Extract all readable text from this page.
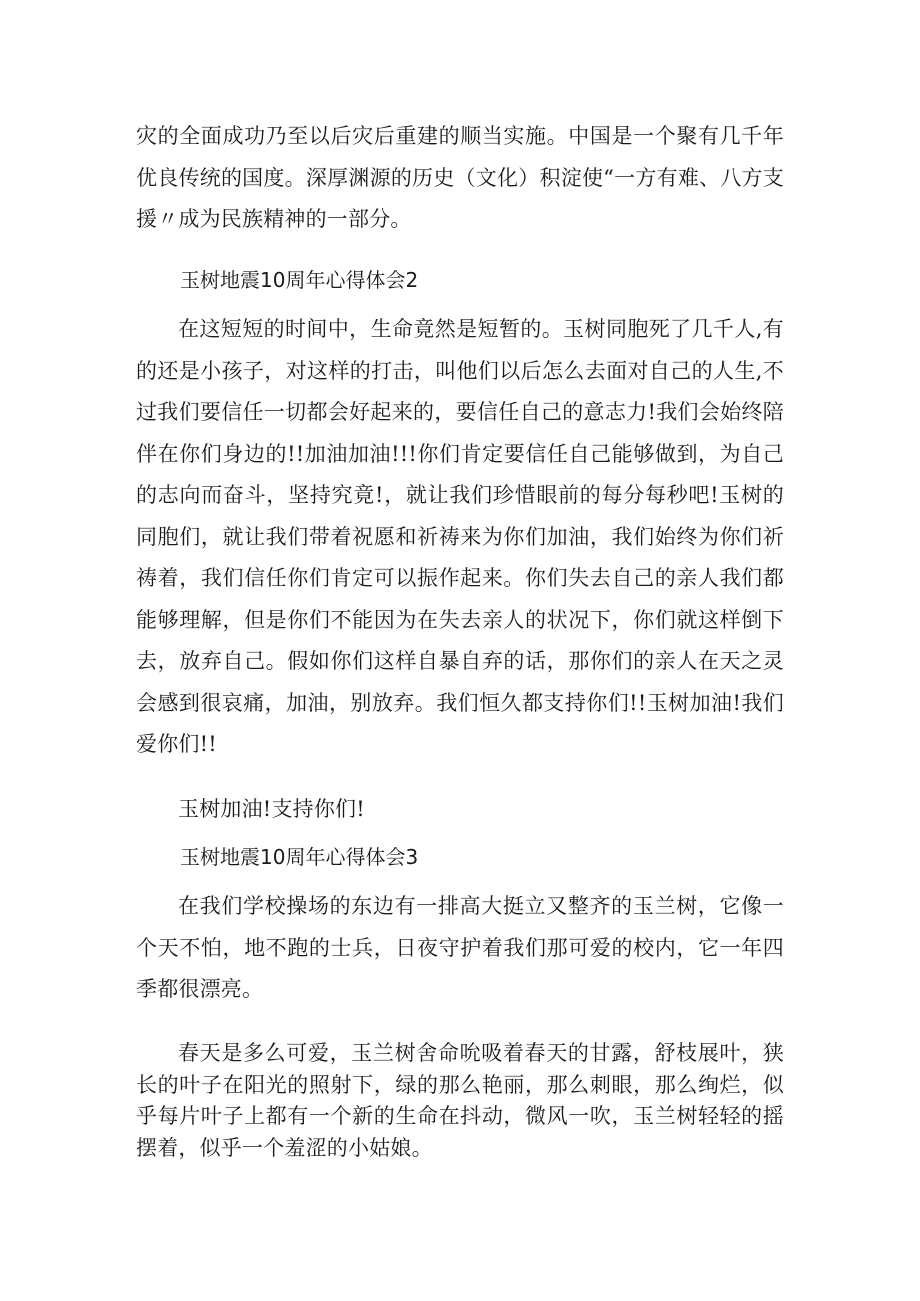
灾的全面成功乃至以后灾后重建的顺当实施。中国是一个聚有几千年优良传统的国度。深厚渊源的历史（文化）积淀使“一方有难、八方支援〃成为民族精神的一部分。

玉树地震10周年心得体会2

在这短短的时间中，生命竟然是短暂的。玉树同胞死了几千人,有的还是小孩子，对这样的打击，叫他们以后怎么去面对自己的人生,不过我们要信任一切都会好起来的，要信任自己的意志力!我们会始终陪伴在你们身边的!!加油加油!!!你们肯定要信任自己能够做到，为自己的志向而奋斗，坚持究竟!，就让我们珍惜眼前的每分每秒吧!玉树的同胞们，就让我们带着祝愿和祈祷来为你们加油，我们始终为你们祈祷着，我们信任你们肯定可以振作起来。你们失去自己的亲人我们都能够理解，但是你们不能因为在失去亲人的状况下，你们就这样倒下去，放弃自己。假如你们这样自暴自弃的话，那你们的亲人在天之灵会感到很哀痛，加油，别放弃。我们恒久都支持你们!!玉树加油!我们爱你们!!

玉树加油!支持你们!

玉树地震10周年心得体会3

在我们学校操场的东边有一排高大挺立又整齐的玉兰树，它像一个天不怕，地不跑的士兵，日夜守护着我们那可爱的校内，它一年四季都很漂亮。

春天是多么可爱，玉兰树舍命吮吸着春天的甘露，舒枝展叶，狭长的叶子在阳光的照射下，绿的那么艳丽，那么刺眼，那么绚烂，似乎每片叶子上都有一个新的生命在抖动，微风一吹，玉兰树轻轻的摇摆着，似乎一个羞涩的小姑娘。
